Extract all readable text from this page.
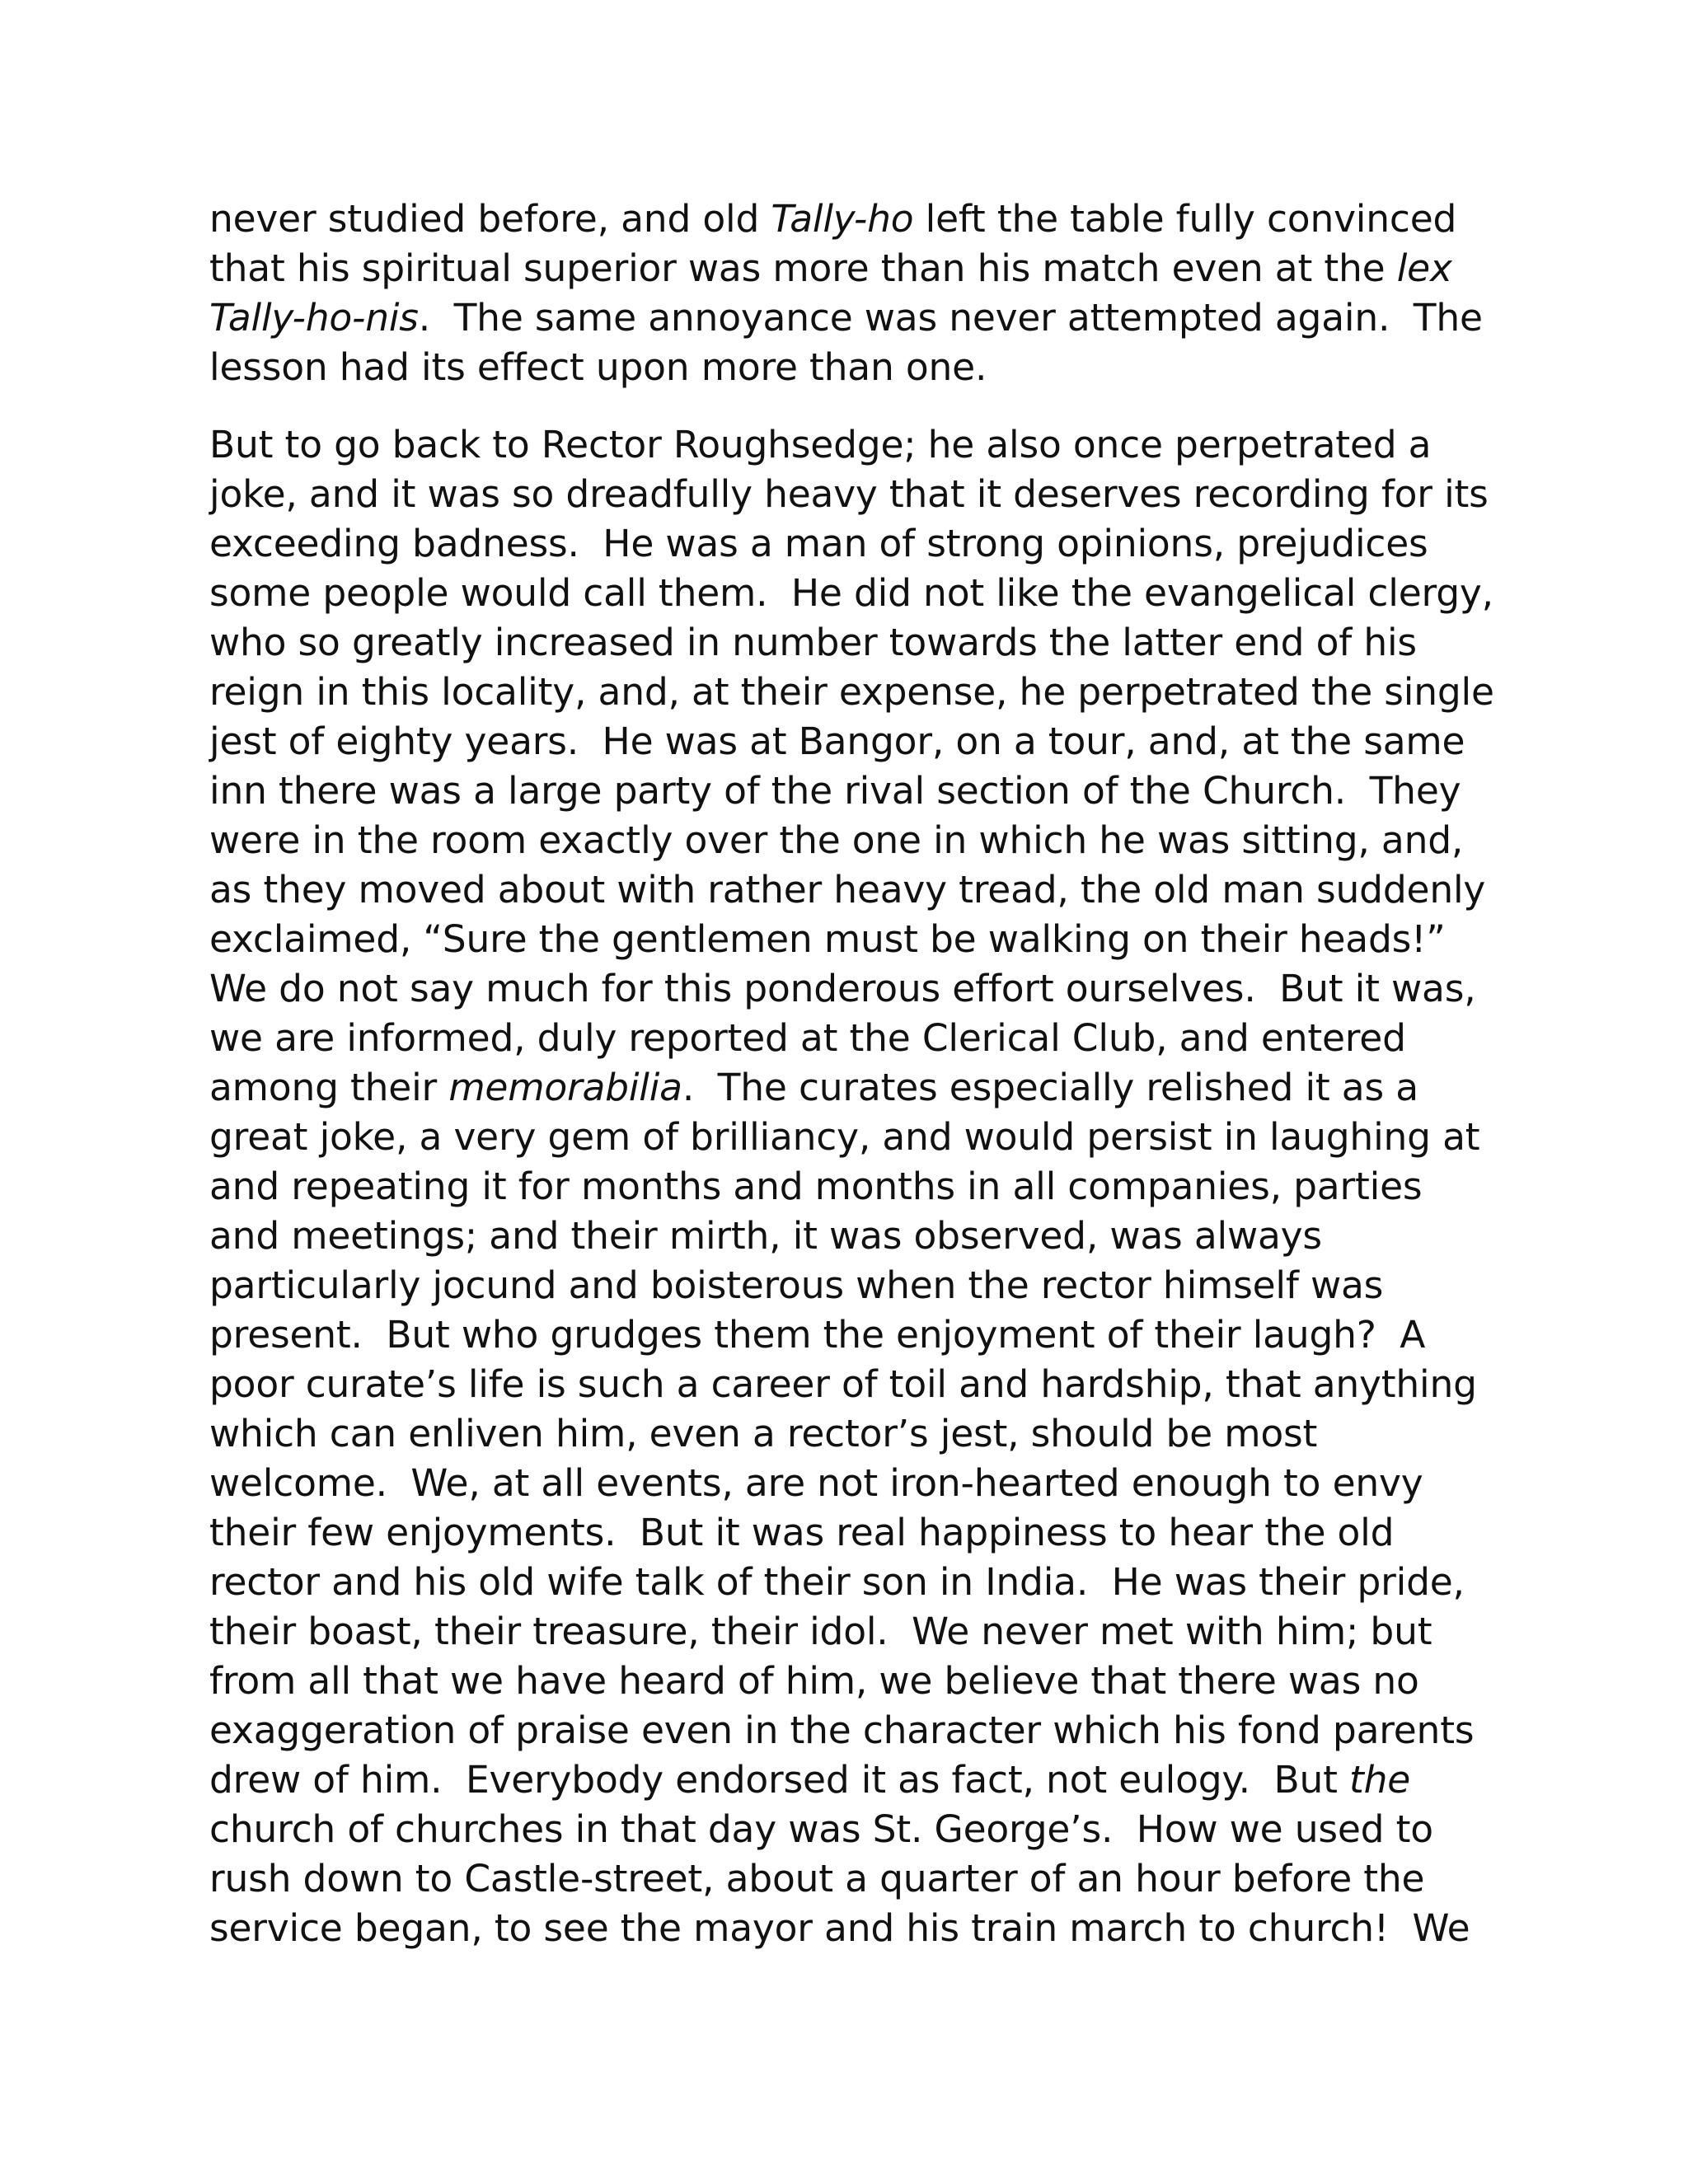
never studied before, and old Tally-ho left the table fully convinced
that his spiritual superior was more than his match even at the lex
Tally-ho-nis.  The same annoyance was never attempted again.  The
lesson had its effect upon more than one.
But to go back to Rector Roughsedge; he also once perpetrated a
joke, and it was so dreadfully heavy that it deserves recording for its
exceeding badness.  He was a man of strong opinions, prejudices
some people would call them.  He did not like the evangelical clergy,
who so greatly increased in number towards the latter end of his
reign in this locality, and, at their expense, he perpetrated the single
jest of eighty years.  He was at Bangor, on a tour, and, at the same
inn there was a large party of the rival section of the Church.  They
were in the room exactly over the one in which he was sitting, and,
as they moved about with rather heavy tread, the old man suddenly
exclaimed, “Sure the gentlemen must be walking on their heads!”
We do not say much for this ponderous effort ourselves.  But it was,
we are informed, duly reported at the Clerical Club, and entered
among their memorabilia.  The curates especially relished it as a
great joke, a very gem of brilliancy, and would persist in laughing at
and repeating it for months and months in all companies, parties
and meetings; and their mirth, it was observed, was always
particularly jocund and boisterous when the rector himself was
present.  But who grudges them the enjoyment of their laugh?  A
poor curate’s life is such a career of toil and hardship, that anything
which can enliven him, even a rector’s jest, should be most
welcome.  We, at all events, are not iron-hearted enough to envy
their few enjoyments.  But it was real happiness to hear the old
rector and his old wife talk of their son in India.  He was their pride,
their boast, their treasure, their idol.  We never met with him; but
from all that we have heard of him, we believe that there was no
exaggeration of praise even in the character which his fond parents
drew of him.  Everybody endorsed it as fact, not eulogy.  But the
church of churches in that day was St. George’s.  How we used to
rush down to Castle-street, about a quarter of an hour before the
service began, to see the mayor and his train march to church!  We
